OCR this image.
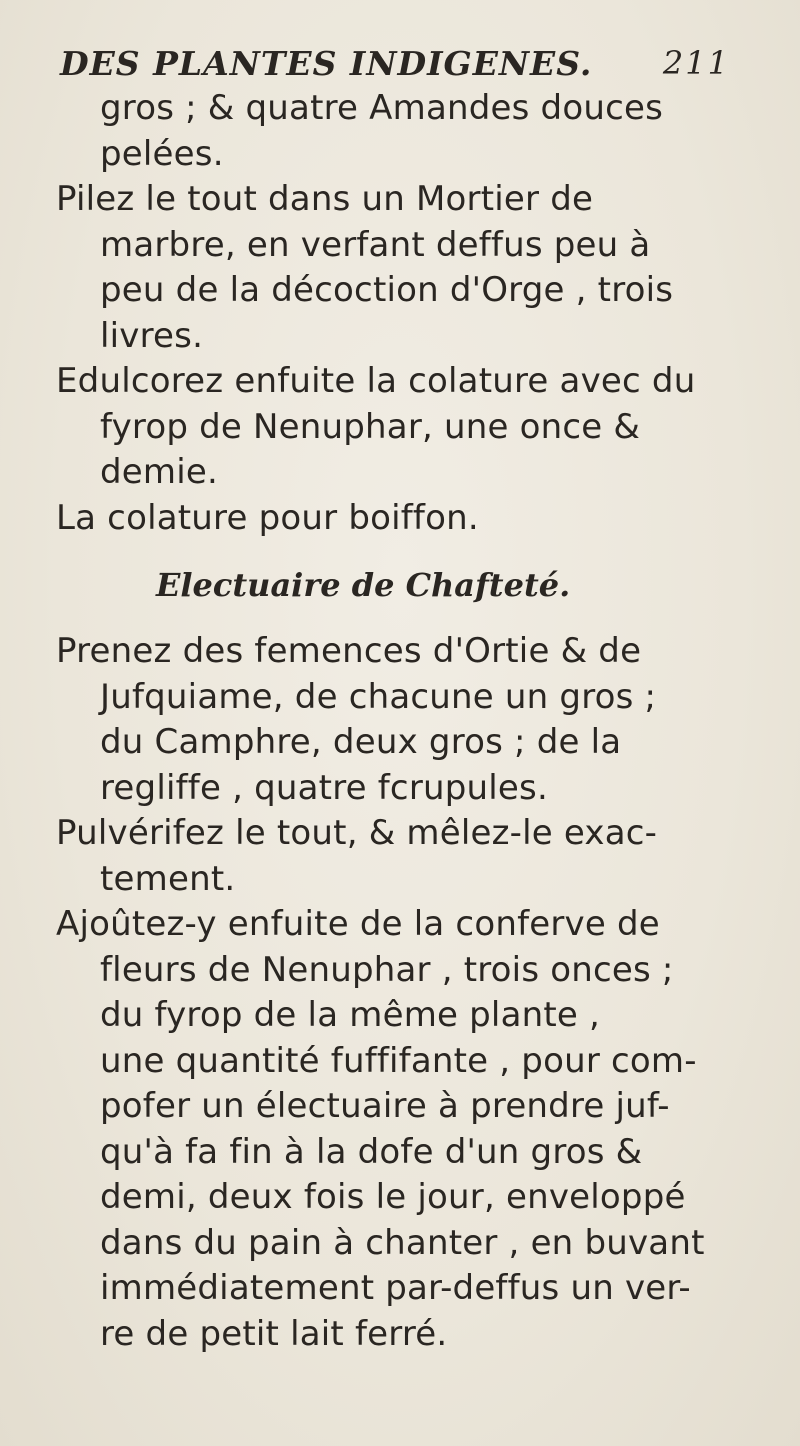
DES PLANTES INDIGENES. 211
gros ; & quatre Amandes douces
pelées.
Pilez le tout dans un Mortier de
marbre, en verfant deffus peu à
peu de la décoction d'Orge , trois
livres.
Edulcorez enfuite la colature avec du
fyrop de Nenuphar, une once &
demie.
La colature pour boiffon.
Electuaire de Chafteté.
Prenez des femences d'Ortie & de
Jufquiame, de chacune un gros ;
du Camphre, deux gros ; de la
regliffe , quatre fcrupules.
Pulvérifez le tout, & mêlez-le exac-
tement.
Ajoûtez-y enfuite de la conferve de
fleurs de Nenuphar , trois onces ;
du fyrop de la même plante ,
une quantité fuffifante , pour com-
pofer un électuaire à prendre juf-
qu'à fa fin à la dofe d'un gros &
demi, deux fois le jour, enveloppé
dans du pain à chanter , en buvant
immédiatement par-deffus un ver-
re de petit lait ferré.
